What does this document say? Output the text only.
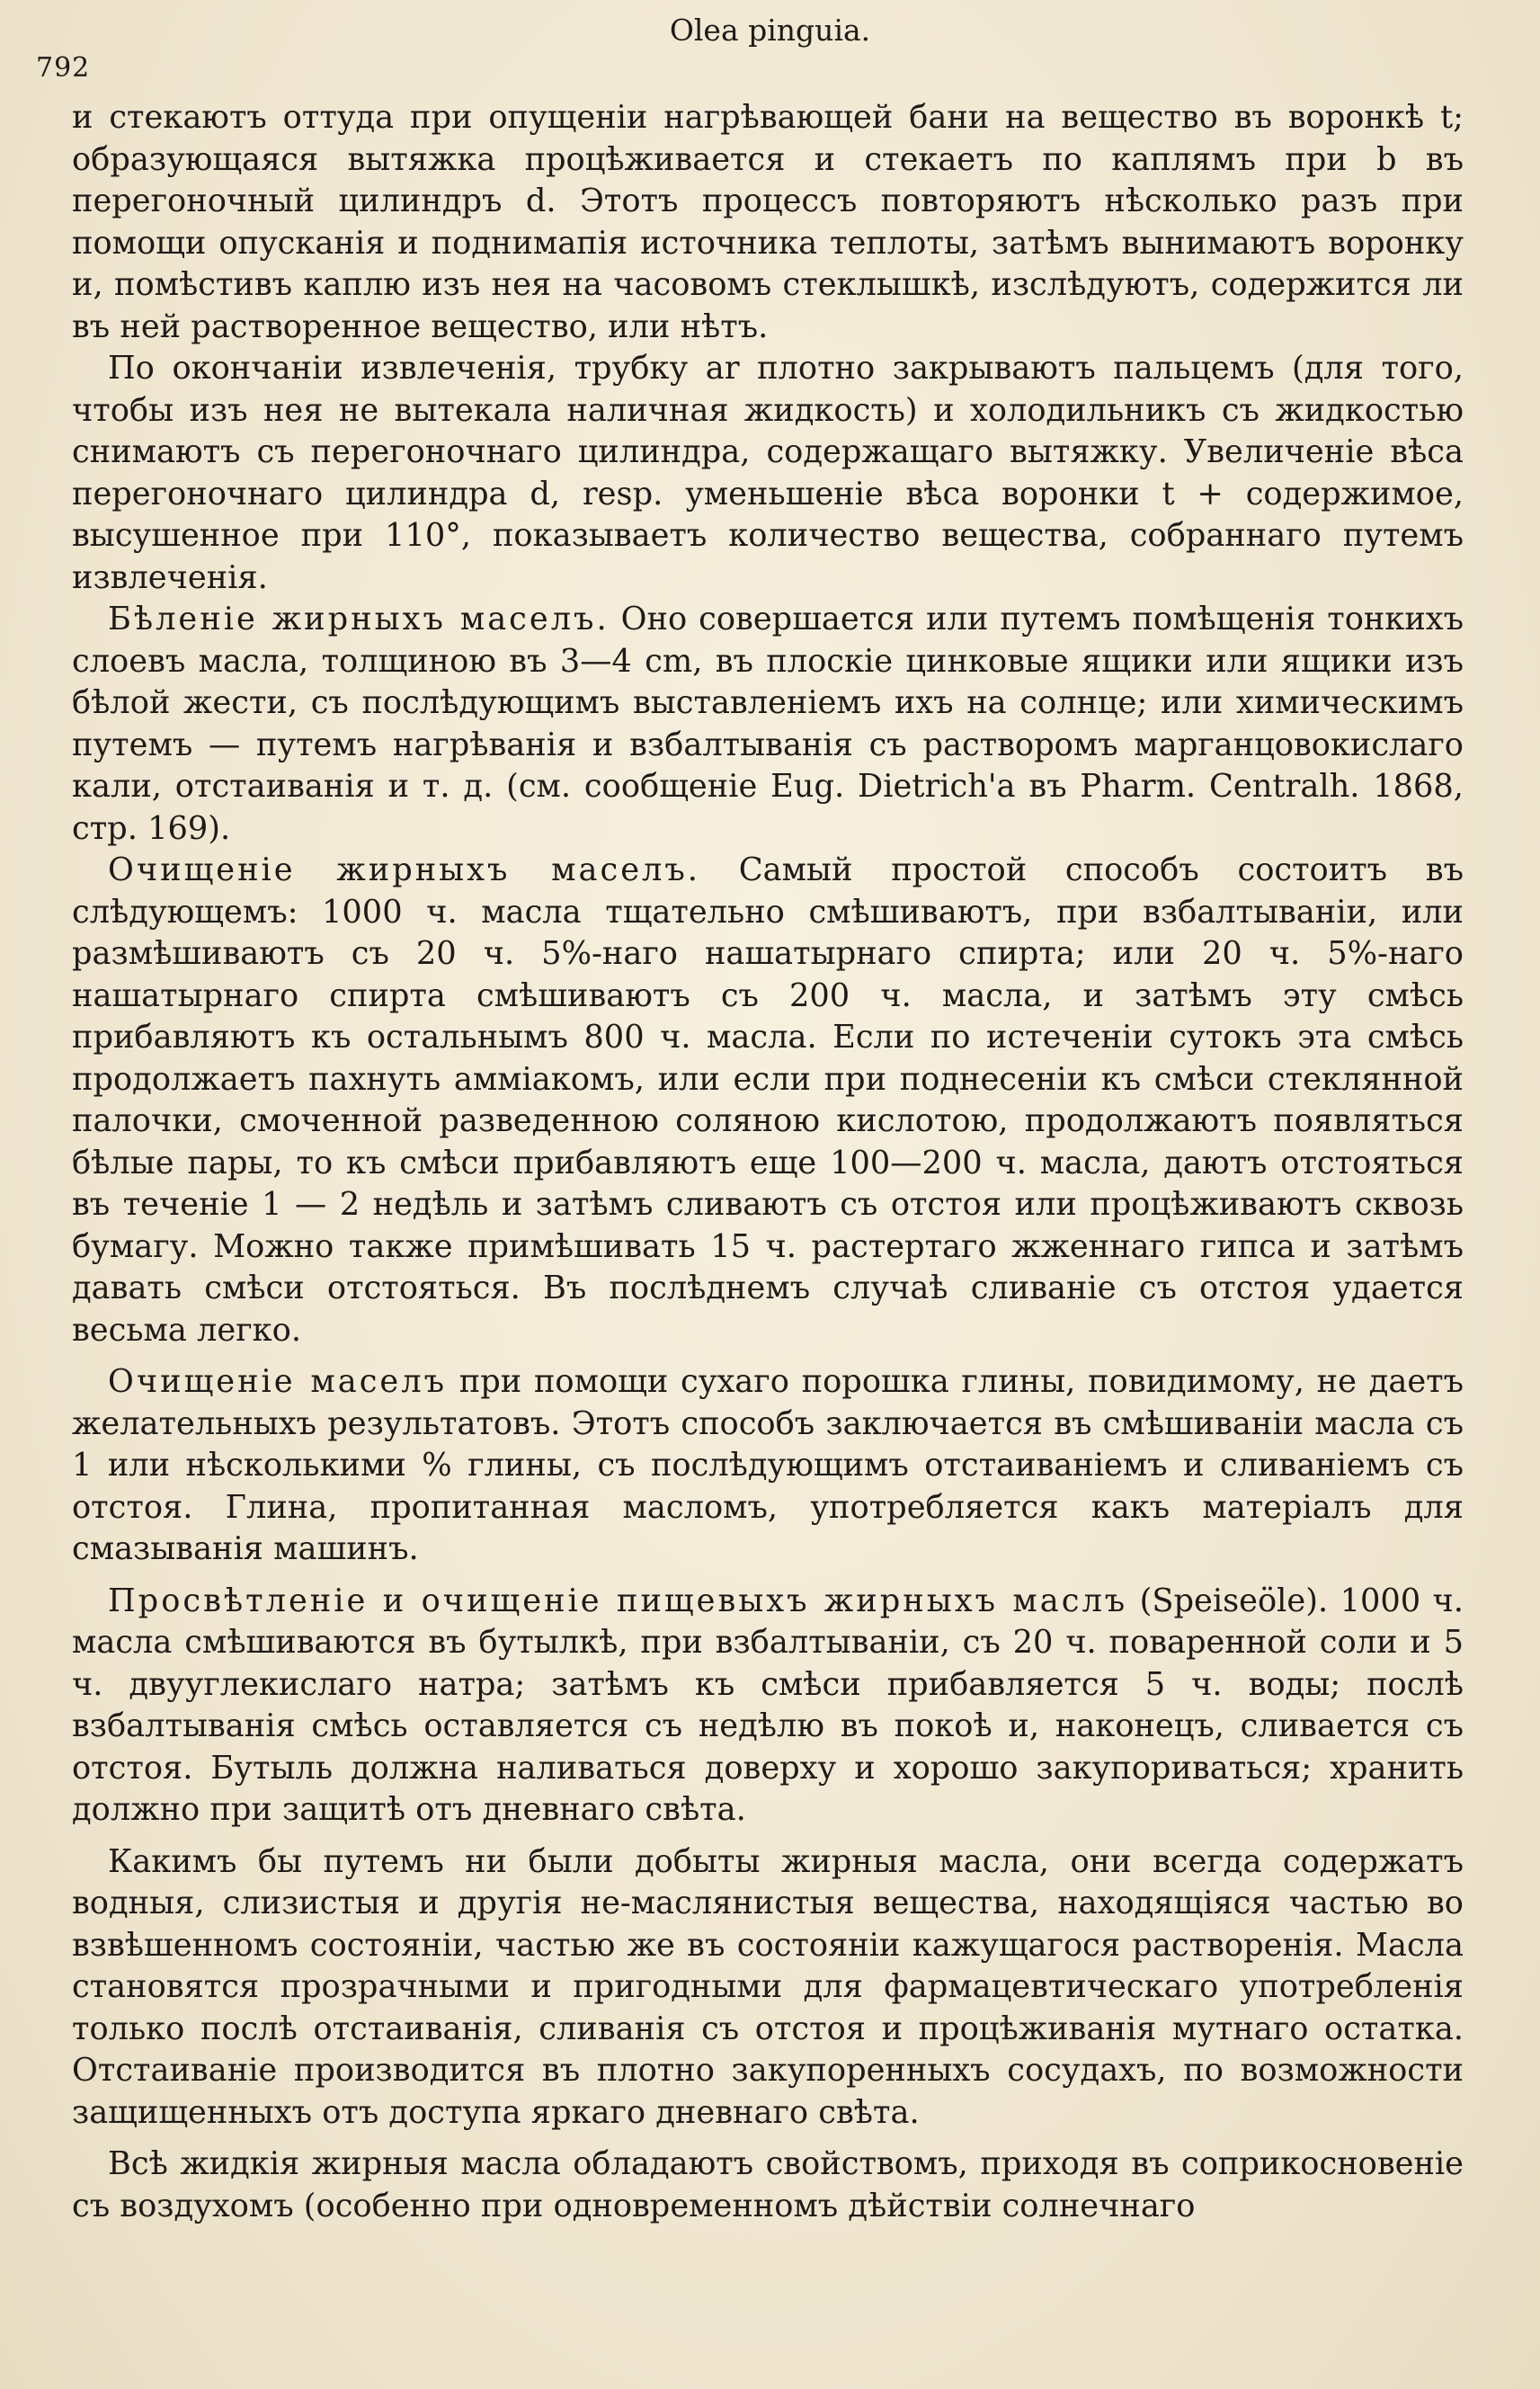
792
Olea pinguia.

и стекаютъ оттуда при опущеніи нагрѣвающей бани на вещество въ воронкѣ t; образующаяся вытяжка процѣживается и стекаетъ по каплямъ при b въ перегоночный цилиндръ d. Этотъ процессъ повторяютъ нѣсколько разъ при помощи опусканія и поднимапія источника теплоты, затѣмъ вынимаютъ воронку и, помѣстивъ каплю изъ нея на часовомъ стеклышкѣ, изслѣдуютъ, содержится ли въ ней растворенное вещество, или нѣтъ.

По окончаніи извлеченія, трубку ar плотно закрываютъ пальцемъ (для того, чтобы изъ нея не вытекала наличная жидкость) и холодильникъ съ жидкостью снимаютъ съ перегоночнаго цилиндра, содержащаго вытяжку. Увеличеніе вѣса перегоночнаго цилиндра d, resp. уменьшеніе вѣса воронки t + содержимое, высушенное при 110°, показываетъ количество вещества, собраннаго путемъ извлеченія.

Бѣленіе жирныхъ маселъ. Оно совершается или путемъ помѣщенія тонкихъ слоевъ масла, толщиною въ 3—4 cm, въ плоскіе цинковые ящики или ящики изъ бѣлой жести, съ послѣдующимъ выставленіемъ ихъ на солнце; или химическимъ путемъ — путемъ нагрѣванія и взбалтыванія съ растворомъ марганцовокислаго кали, отстаиванія и т. д. (см. сообщеніе Eug. Dietrich'a въ Pharm. Centralh. 1868, стр. 169).

Очищеніе жирныхъ маселъ. Самый простой способъ состоитъ въ слѣдующемъ: 1000 ч. масла тщательно смѣшиваютъ, при взбалтываніи, или размѣшиваютъ съ 20 ч. 5%-наго нашатырнаго спирта; или 20 ч. 5%-наго нашатырнаго спирта смѣшиваютъ съ 200 ч. масла, и затѣмъ эту смѣсь прибавляютъ къ остальнымъ 800 ч. масла. Если по истеченіи сутокъ эта смѣсь продолжаетъ пахнуть амміакомъ, или если при поднесеніи къ смѣси стеклянной палочки, смоченной разведенною соляною кислотою, продолжаютъ появляться бѣлые пары, то къ смѣси прибавляютъ еще 100—200 ч. масла, даютъ отстояться въ теченіе 1 — 2 недѣль и затѣмъ сливаютъ съ отстоя или процѣживаютъ сквозь бумагу. Можно также примѣшивать 15 ч. растертаго жженнаго гипса и затѣмъ давать смѣси отстояться. Въ послѣднемъ случаѣ сливаніе съ отстоя удается весьма легко.

Очищеніе маселъ при помощи сухаго порошка глины, повидимому, не даетъ желательныхъ результатовъ. Этотъ способъ заключается въ смѣшиваніи масла съ 1 или нѣсколькими % глины, съ послѣдующимъ отстаиваніемъ и сливаніемъ съ отстоя. Глина, пропитанная масломъ, употребляется какъ матеріалъ для смазыванія машинъ.

Просвѣтленіе и очищеніе пищевыхъ жирныхъ маслъ (Speiseöle). 1000 ч. масла смѣшиваются въ бутылкѣ, при взбалтываніи, съ 20 ч. поваренной соли и 5 ч. двууглекислаго натра; затѣмъ къ смѣси прибавляется 5 ч. воды; послѣ взбалтыванія смѣсь оставляется съ недѣлю въ покоѣ и, наконецъ, сливается съ отстоя. Бутыль должна наливаться доверху и хорошо закупориваться; хранить должно при защитѣ отъ дневнаго свѣта.

Какимъ бы путемъ ни были добыты жирныя масла, они всегда содержатъ водныя, слизистыя и другія не-маслянистыя вещества, находящіяся частью во взвѣшенномъ состояніи, частью же въ состояніи кажущагося растворенія. Масла становятся прозрачными и пригодными для фармацевтическаго употребленія только послѣ отстаиванія, сливанія съ отстоя и процѣживанія мутнаго остатка. Отстаиваніе производится въ плотно закупоренныхъ сосудахъ, по возможности защищенныхъ отъ доступа яркаго дневнаго свѣта.

Всѣ жидкія жирныя масла обладаютъ свойствомъ, приходя въ соприкосновеніе съ воздухомъ (особенно при одновременномъ дѣйствіи солнечнаго
